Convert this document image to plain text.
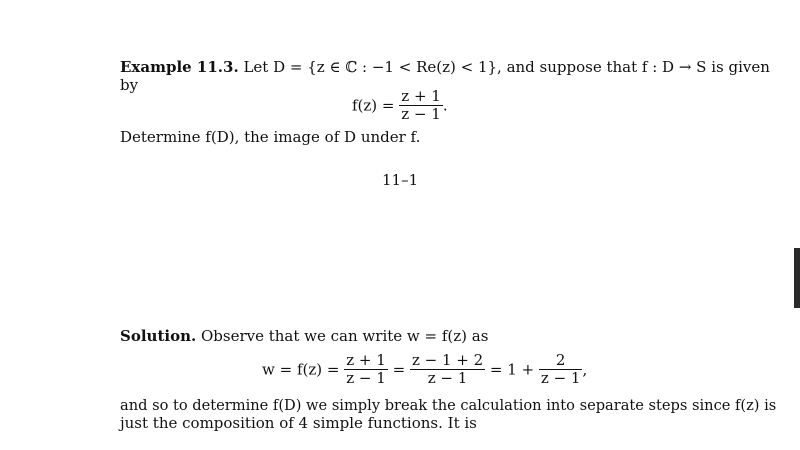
Example 11.3. Let D = {z ∈ ℂ : −1 < Re(z) < 1}, and suppose that f : D → S is given
by
$f(z) = \frac{z + 1}{z - 1}$ .
Determine f(D), the image of D under f.
11–1
Solution. Observe that we can write w = f(z) as
$w = f(z) = \frac{z + 1}{z - 1} = \frac{z - 1 + 2}{z - 1} = 1 + \frac{2}{z - 1}$ ,
and so to determine f(D) we simply break the calculation into separate steps since f(z) is
just the composition of 4 simple functions. It is
